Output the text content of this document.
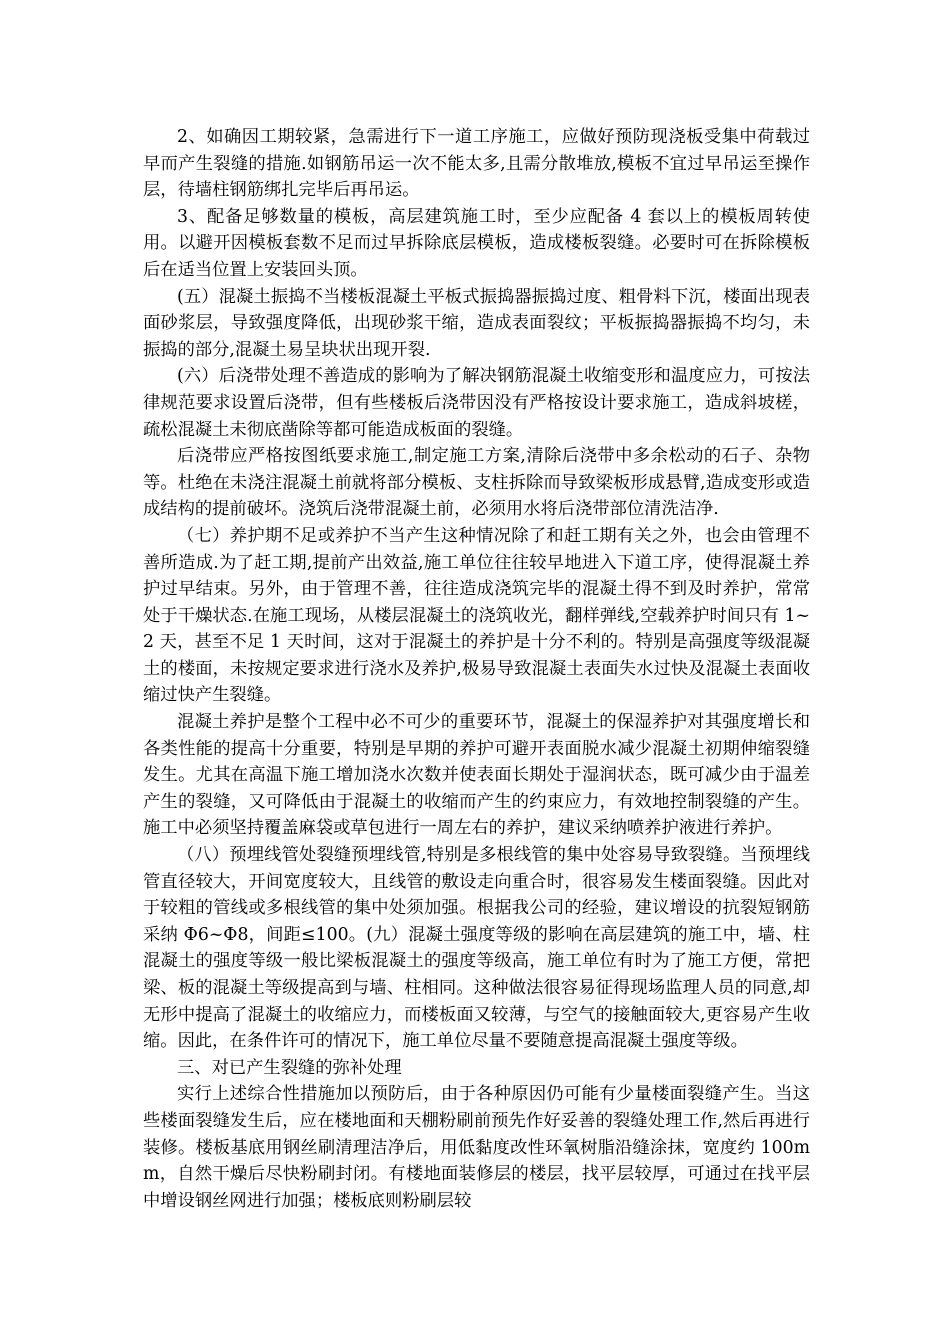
2、如确因工期较紧，急需进行下一道工序施工，应做好预防现浇板受集中荷载过早而产生裂缝的措施.如钢筋吊运一次不能太多,且需分散堆放,模板不宜过早吊运至操作层，待墙柱钢筋绑扎完毕后再吊运。

3、配备足够数量的模板，高层建筑施工时，至少应配备 4 套以上的模板周转使用。以避开因模板套数不足而过早拆除底层模板，造成楼板裂缝。必要时可在拆除模板后在适当位置上安装回头顶。

(五）混凝土振捣不当楼板混凝土平板式振捣器振捣过度、粗骨料下沉，楼面出现表面砂浆层，导致强度降低，出现砂浆干缩，造成表面裂纹；平板振捣器振捣不均匀，未振捣的部分,混凝土易呈块状出现开裂.

(六）后浇带处理不善造成的影响为了解决钢筋混凝土收缩变形和温度应力，可按法律规范要求设置后浇带，但有些楼板后浇带因没有严格按设计要求施工，造成斜坡槎，疏松混凝土未彻底凿除等都可能造成板面的裂缝。

后浇带应严格按图纸要求施工,制定施工方案,清除后浇带中多余松动的石子、杂物等。杜绝在未浇注混凝土前就将部分模板、支柱拆除而导致梁板形成悬臂,造成变形或造成结构的提前破坏。浇筑后浇带混凝土前，必须用水将后浇带部位清洗洁净.

（七）养护期不足或养护不当产生这种情况除了和赶工期有关之外，也会由管理不善所造成.为了赶工期,提前产出效益,施工单位往往较早地进入下道工序，使得混凝土养护过早结束。另外，由于管理不善，往往造成浇筑完毕的混凝土得不到及时养护，常常处于干燥状态.在施工现场，从楼层混凝土的浇筑收光，翻样弹线,空载养护时间只有 1~2 天，甚至不足 1 天时间，这对于混凝土的养护是十分不利的。特别是高强度等级混凝土的楼面，未按规定要求进行浇水及养护,极易导致混凝土表面失水过快及混凝土表面收缩过快产生裂缝。

混凝土养护是整个工程中必不可少的重要环节，混凝土的保湿养护对其强度增长和各类性能的提高十分重要，特别是早期的养护可避开表面脱水减少混凝土初期伸缩裂缝发生。尤其在高温下施工增加浇水次数并使表面长期处于湿润状态，既可减少由于温差产生的裂缝，又可降低由于混凝土的收缩而产生的约束应力，有效地控制裂缝的产生。施工中必须坚持覆盖麻袋或草包进行一周左右的养护，建议采纳喷养护液进行养护。

（八）预埋线管处裂缝预埋线管,特别是多根线管的集中处容易导致裂缝。当预埋线管直径较大，开间宽度较大，且线管的敷设走向重合时，很容易发生楼面裂缝。因此对于较粗的管线或多根线管的集中处须加强。根据我公司的经验，建议增设的抗裂短钢筋采纳 Φ6~Φ8，间距≤100。(九）混凝土强度等级的影响在高层建筑的施工中，墙、柱混凝土的强度等级一般比梁板混凝土的强度等级高，施工单位有时为了施工方便，常把梁、板的混凝土等级提高到与墙、柱相同。这种做法很容易征得现场监理人员的同意,却无形中提高了混凝土的收缩应力，而楼板面又较薄，与空气的接触面较大,更容易产生收缩。因此，在条件许可的情况下，施工单位尽量不要随意提高混凝土强度等级。

三、对已产生裂缝的弥补处理

实行上述综合性措施加以预防后，由于各种原因仍可能有少量楼面裂缝产生。当这些楼面裂缝发生后，应在楼地面和天棚粉刷前预先作好妥善的裂缝处理工作,然后再进行装修。楼板基底用钢丝刷清理洁净后，用低黏度改性环氧树脂沿缝涂抹，宽度约 100mm，自然干燥后尽快粉刷封闭。有楼地面装修层的楼层，找平层较厚，可通过在找平层中增设钢丝网进行加强；楼板底则粉刷层较
